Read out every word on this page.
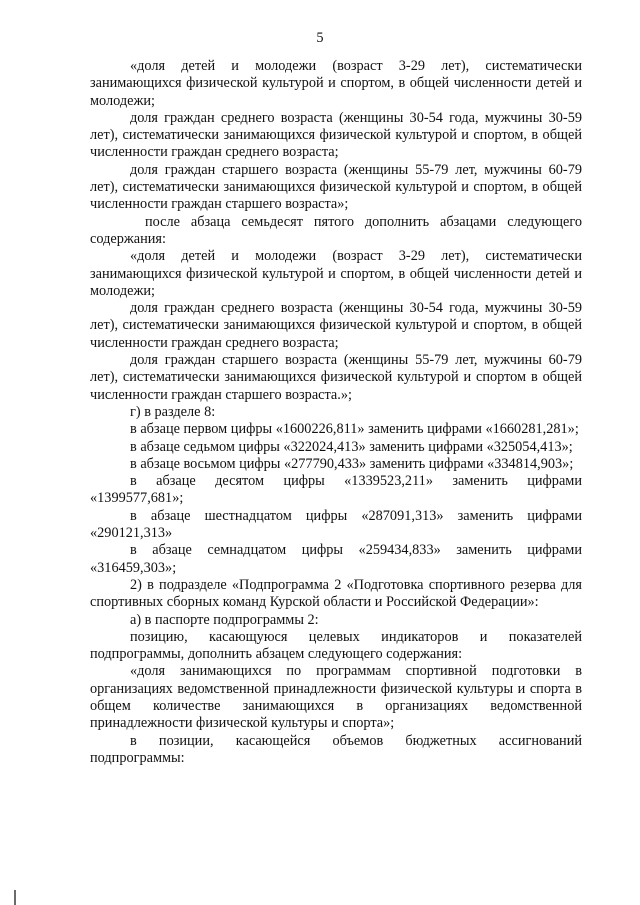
5

«доля детей и молодежи (возраст 3-29 лет), систематически занимающихся физической культурой и спортом, в общей численности детей и молодежи;

доля граждан среднего возраста (женщины 30-54 года, мужчины 30-59 лет), систематически занимающихся физической культурой и спортом, в общей численности граждан среднего возраста;

доля граждан старшего возраста (женщины 55-79 лет, мужчины 60-79 лет), систематически занимающихся физической культурой и спортом, в общей численности граждан старшего возраста»;

после абзаца семьдесят пятого дополнить абзацами следующего содержания:

«доля детей и молодежи (возраст 3-29 лет), систематически занимающихся физической культурой и спортом, в общей численности детей и молодежи;

доля граждан среднего возраста (женщины 30-54 года, мужчины 30-59 лет), систематически занимающихся физической культурой и спортом, в общей численности граждан среднего возраста;

доля граждан старшего возраста (женщины 55-79 лет, мужчины 60-79 лет), систематически занимающихся физической культурой и спортом в общей численности граждан старшего возраста.»;

г) в разделе 8:

в абзаце первом цифры «1600226,811» заменить цифрами «1660281,281»;

в абзаце седьмом цифры «322024,413» заменить цифрами «325054,413»;

в абзаце восьмом цифры «277790,433» заменить цифрами «334814,903»;

в абзаце десятом цифры «1339523,211» заменить цифрами «1399577,681»;

в абзаце шестнадцатом цифры «287091,313» заменить цифрами «290121,313»

в абзаце семнадцатом цифры «259434,833» заменить цифрами «316459,303»;

2) в подразделе «Подпрограмма 2 «Подготовка спортивного резерва для спортивных сборных команд Курской области и Российской Федерации»:

а) в паспорте подпрограммы 2:

позицию, касающуюся целевых индикаторов и показателей подпрограммы, дополнить абзацем следующего содержания:

«доля занимающихся по программам спортивной подготовки в организациях ведомственной принадлежности физической культуры и спорта в общем количестве занимающихся в организациях ведомственной принадлежности физической культуры и спорта»;

в позиции, касающейся объемов бюджетных ассигнований подпрограммы:
